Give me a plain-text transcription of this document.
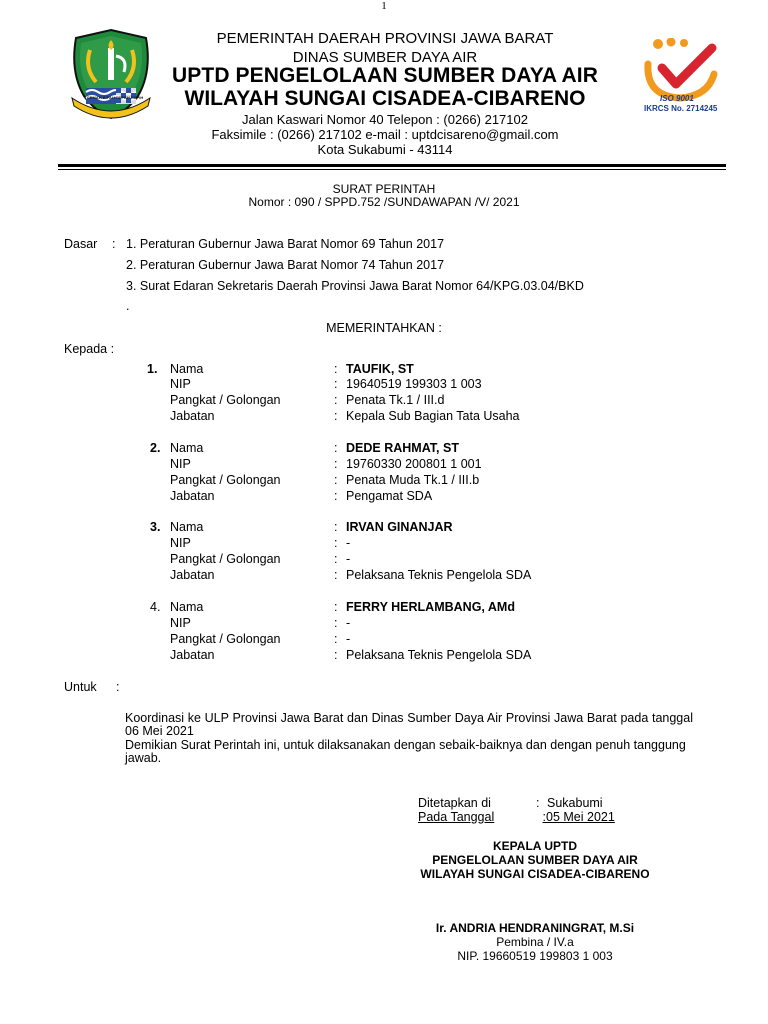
1
GEMAH RIPAH REPEH RAPIH
PEMERINTAH DAERAH PROVINSI JAWA BARAT
DINAS SUMBER DAYA AIR
UPTD PENGELOLAAN SUMBER DAYA AIR
WILAYAH SUNGAI CISADEA-CIBARENO
Jalan Kaswari Nomor 40 Telepon : (0266) 217102
Faksimile : (0266) 217102 e-mail : uptdcisareno@gmail.com
Kota Sukabumi - 43114
ISO 9001
IKRCS No. 2714245
SURAT PERINTAH
Nomor : 090 / SPPD.752 /SUNDAWAPAN /V/ 2021
Dasar : 1. Peraturan Gubernur Jawa Barat Nomor 69 Tahun 2017
2. Peraturan Gubernur Jawa Barat Nomor 74 Tahun 2017
3. Surat Edaran Sekretaris Daerah Provinsi Jawa Barat Nomor 64/KPG.03.04/BKD
.
MEMERINTAHKAN :
Kepada :
1. Nama
NIP
Pangkat / Golongan
Jabatan
:
:
:
:
TAUFIK, ST
19640519 199303 1 003
Penata Tk.1 / III.d
Kepala Sub Bagian Tata Usaha
2. Nama
NIP
Pangkat / Golongan
Jabatan
:
:
:
:
DEDE RAHMAT, ST
19760330 200801 1 001
Penata Muda Tk.1 / III.b
Pengamat SDA
3. Nama
NIP
Pangkat / Golongan
Jabatan
:
:
:
:
IRVAN GINANJAR
-
-
Pelaksana Teknis Pengelola SDA
4. Nama
NIP
Pangkat / Golongan
Jabatan
:
:
:
:
FERRY HERLAMBANG, AMd
-
-
Pelaksana Teknis Pengelola SDA
Untuk :
Koordinasi ke ULP Provinsi Jawa Barat dan Dinas Sumber Daya Air Provinsi Jawa Barat pada tanggal 06 Mei 2021
Demikian Surat Perintah ini, untuk dilaksanakan dengan sebaik-baiknya dan dengan penuh tanggung jawab.
Ditetapkan di	: Sukabumi
Pada Tanggal	: 05 Mei 2021
KEPALA UPTD
PENGELOLAAN SUMBER DAYA AIR
WILAYAH SUNGAI CISADEA-CIBARENO
Ir. ANDRIA HENDRANINGRAT, M.Si
Pembina / IV.a
NIP. 19660519 199803 1 003
